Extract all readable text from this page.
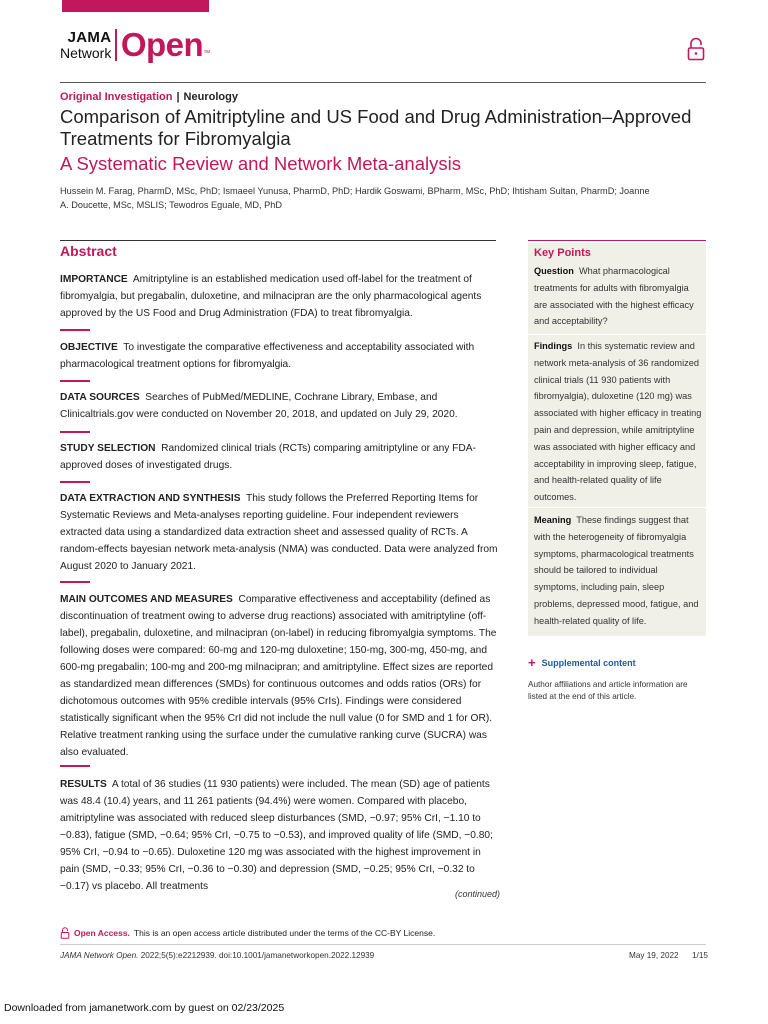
JAMA
Network Open ™
Original Investigation | Neurology
Comparison of Amitriptyline and US Food and Drug Administration–Approved Treatments for Fibromyalgia
A Systematic Review and Network Meta-analysis
Hussein M. Farag, PharmD, MSc, PhD; Ismaeel Yunusa, PharmD, PhD; Hardik Goswami, BPharm, MSc, PhD; Ihtisham Sultan, PharmD; Joanne A. Doucette, MSc, MSLIS; Tewodros Eguale, MD, PhD
Abstract
IMPORTANCE Amitriptyline is an established medication used off-label for the treatment of fibromyalgia, but pregabalin, duloxetine, and milnacipran are the only pharmacological agents approved by the US Food and Drug Administration (FDA) to treat fibromyalgia.
OBJECTIVE To investigate the comparative effectiveness and acceptability associated with pharmacological treatment options for fibromyalgia.
DATA SOURCES Searches of PubMed/MEDLINE, Cochrane Library, Embase, and Clinicaltrials.gov were conducted on November 20, 2018, and updated on July 29, 2020.
STUDY SELECTION Randomized clinical trials (RCTs) comparing amitriptyline or any FDA-approved doses of investigated drugs.
DATA EXTRACTION AND SYNTHESIS This study follows the Preferred Reporting Items for Systematic Reviews and Meta-analyses reporting guideline. Four independent reviewers extracted data using a standardized data extraction sheet and assessed quality of RCTs. A random-effects bayesian network meta-analysis (NMA) was conducted. Data were analyzed from August 2020 to January 2021.
MAIN OUTCOMES AND MEASURES Comparative effectiveness and acceptability (defined as discontinuation of treatment owing to adverse drug reactions) associated with amitriptyline (off-label), pregabalin, duloxetine, and milnacipran (on-label) in reducing fibromyalgia symptoms. The following doses were compared: 60-mg and 120-mg duloxetine; 150-mg, 300-mg, 450-mg, and 600-mg pregabalin; 100-mg and 200-mg milnacipran; and amitriptyline. Effect sizes are reported as standardized mean differences (SMDs) for continuous outcomes and odds ratios (ORs) for dichotomous outcomes with 95% credible intervals (95% CrIs). Findings were considered statistically significant when the 95% CrI did not include the null value (0 for SMD and 1 for OR). Relative treatment ranking using the surface under the cumulative ranking curve (SUCRA) was also evaluated.
RESULTS A total of 36 studies (11 930 patients) were included. The mean (SD) age of patients was 48.4 (10.4) years, and 11 261 patients (94.4%) were women. Compared with placebo, amitriptyline was associated with reduced sleep disturbances (SMD, −0.97; 95% CrI, −1.10 to −0.83), fatigue (SMD, −0.64; 95% CrI, −0.75 to −0.53), and improved quality of life (SMD, −0.80; 95% CrI, −0.94 to −0.65). Duloxetine 120 mg was associated with the highest improvement in pain (SMD, −0.33; 95% CrI, −0.36 to −0.30) and depression (SMD, −0.25; 95% CrI, −0.32 to −0.17) vs placebo. All treatments
(continued)
Key Points
Question What pharmacological treatments for adults with fibromyalgia are associated with the highest efficacy and acceptability?
Findings In this systematic review and network meta-analysis of 36 randomized clinical trials (11 930 patients with fibromyalgia), duloxetine (120 mg) was associated with higher efficacy in treating pain and depression, while amitriptyline was associated with higher efficacy and acceptability in improving sleep, fatigue, and health-related quality of life outcomes.
Meaning These findings suggest that with the heterogeneity of fibromyalgia symptoms, pharmacological treatments should be tailored to individual symptoms, including pain, sleep problems, depressed mood, fatigue, and health-related quality of life.
+ Supplemental content
Author affiliations and article information are listed at the end of this article.
Open Access. This is an open access article distributed under the terms of the CC-BY License.
JAMA Network Open. 2022;5(5):e2212939. doi:10.1001/jamanetworkopen.2022.12939	May 19, 2022 1/15
Downloaded from jamanetwork.com by guest on 02/23/2025
